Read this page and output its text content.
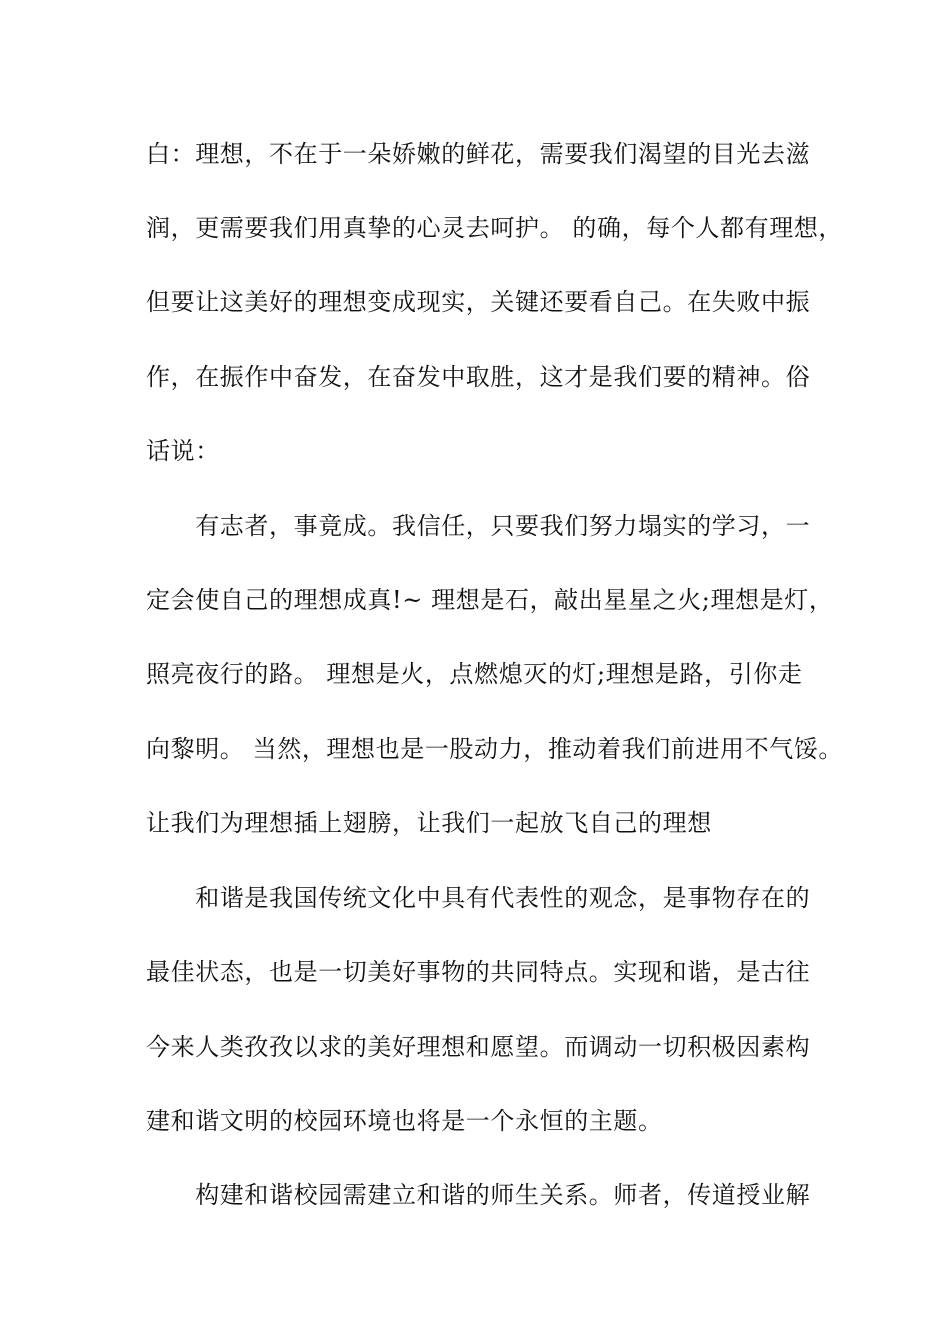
白：理想，不在于一朵娇嫩的鲜花，需要我们渴望的目光去滋
润，更需要我们用真挚的心灵去呵护。 的确，每个人都有理想，
但要让这美好的理想变成现实，关键还要看自己。在失败中振
作，在振作中奋发，在奋发中取胜，这才是我们要的精神。俗
话说：
　　有志者，事竟成。我信任，只要我们努力塌实的学习，一
定会使自己的理想成真!~ 理想是石，敲出星星之火;理想是灯，
照亮夜行的路。 理想是火，点燃熄灭的灯;理想是路，引你走
向黎明。 当然，理想也是一股动力，推动着我们前进用不气馁。
让我们为理想插上翅膀，让我们一起放飞自己的理想
　　和谐是我国传统文化中具有代表性的观念，是事物存在的
最佳状态，也是一切美好事物的共同特点。实现和谐，是古往
今来人类孜孜以求的美好理想和愿望。而调动一切积极因素构
建和谐文明的校园环境也将是一个永恒的主题。
　　构建和谐校园需建立和谐的师生关系。师者，传道授业解
